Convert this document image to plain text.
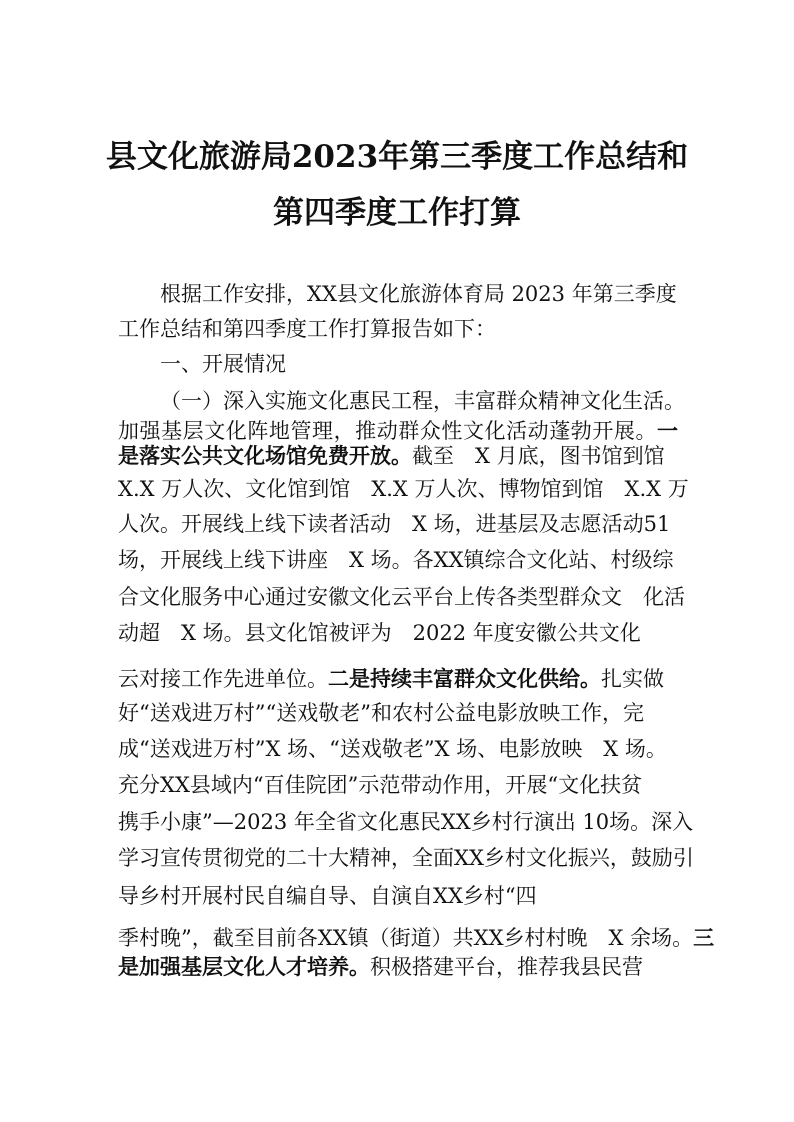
县文化旅游局2023年第三季度工作总结和
第四季度工作打算
根据工作安排，XX县文化旅游体育局 2023 年第三季度
工作总结和第四季度工作打算报告如下：
一、开展情况
（一）深入实施文化惠民工程，丰富群众精神文化生活。
加强基层文化阵地管理，推动群众性文化活动蓬勃开展。一
是落实公共文化场馆免费开放。截至　X 月底，图书馆到馆
X.X 万人次、文化馆到馆　X.X 万人次、博物馆到馆　X.X 万
人次。开展线上线下读者活动　X 场，进基层及志愿活动51
场，开展线上线下讲座　X 场。各XX镇综合文化站、村级综
合文化服务中心通过安徽文化云平台上传各类型群众文　化活
动超　X 场。县文化馆被评为　2022 年度安徽公共文化
云对接工作先进单位。二是持续丰富群众文化供给。扎实做
好“送戏进万村”“送戏敬老”和农村公益电影放映工作，完
成“送戏进万村”X 场、“送戏敬老”X 场、电影放映　X 场。
充分XX县域内“百佳院团”示范带动作用，开展“文化扶贫
携手小康”—2023 年全省文化惠民XX乡村行演出 10场。深入
学习宣传贯彻党的二十大精神，全面XX乡村文化振兴，鼓励引
导乡村开展村民自编自导、自演自XX乡村“四
季村晚”，截至目前各XX镇（街道）共XX乡村村晚　X 余场。三
是加强基层文化人才培养。积极搭建平台，推荐我县民营
